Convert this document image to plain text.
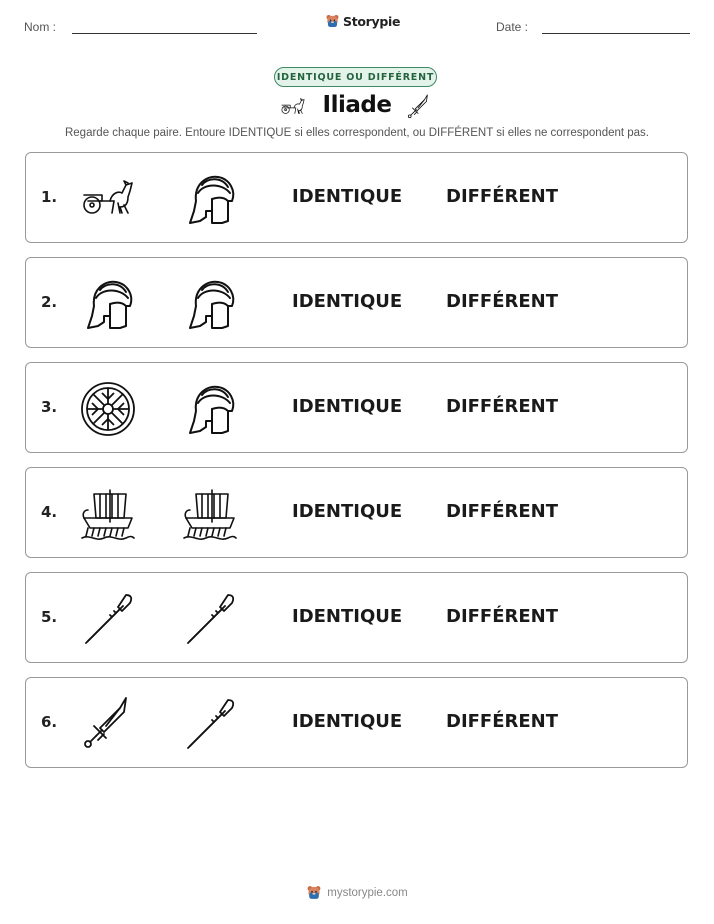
Nom :	Storypie	Date :
IDENTIQUE OU DIFFÉRENT
Iliade
Regarde chaque paire. Entoure IDENTIQUE si elles correspondent, ou DIFFÉRENT si elles ne correspondent pas.
1.	IDENTIQUE DIFFÉRENT
2.	IDENTIQUE DIFFÉRENT
3.	IDENTIQUE DIFFÉRENT
4.	IDENTIQUE DIFFÉRENT
5.	IDENTIQUE DIFFÉRENT
6.	IDENTIQUE DIFFÉRENT
mystorypie.com
